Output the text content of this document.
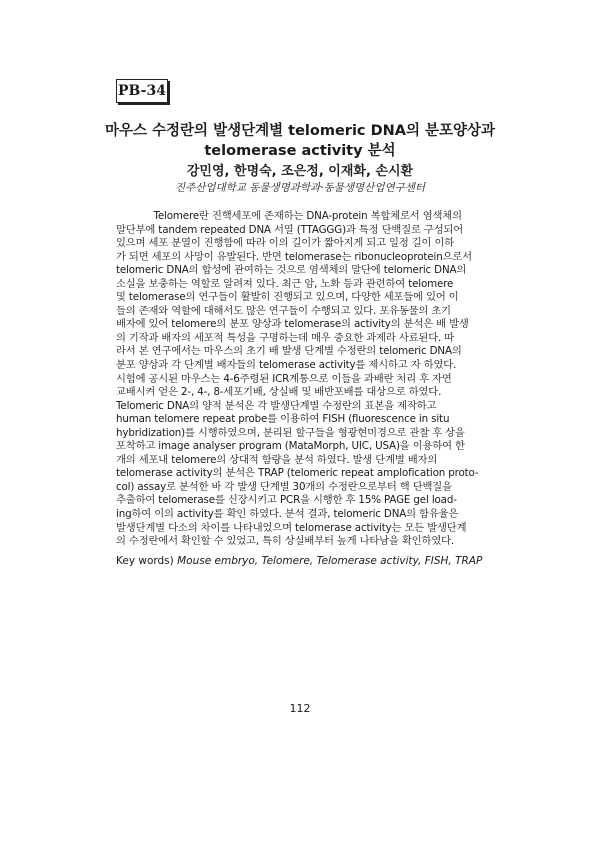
PB-34
마우스 수정란의 발생단계별 telomeric DNA의 분포양상과
telomerase activity 분석
강민영, 한명숙, 조은정, 이재화, 손시환
진주산업대학교 동물생명과학과·동물생명산업연구센터
Telomere란 진핵세포에 존재하는 DNA-protein 복합체로서 염색체의
말단부에 tandem repeated DNA 서열 (TTAGGG)과 특정 단백질로 구성되어
있으며 세포 분열이 진행함에 따라 이의 길이가 짧아지게 되고 일정 길이 이하
가 되면 세포의 사망이 유발된다. 반면 telomerase는 ribonucleoprotein으로서
telomeric DNA의 합성에 관여하는 것으로 염색체의 말단에 telomeric DNA의
소실을 보충하는 역할로 알려져 있다. 최근 암, 노화 등과 관련하여 telomere
및 telomerase의 연구들이 활발히 진행되고 있으며, 다양한 세포들에 있어 이
들의 존재와 역할에 대해서도 많은 연구들이 수행되고 있다. 포유동물의 초기
배자에 있어 telomere의 분포 양상과 telomerase의 activity의 분석은 배 발생
의 기작과 배자의 세포적 특성을 구명하는데 매우 중요한 과제라 사료된다. 따
라서 본 연구에서는 마우스의 초기 배 발생 단계별 수정란의 telomeric DNA의
분포 양상과 각 단계별 배자들의 telomerase activity를 제시하고 자 하였다.
시험에 공시된 마우스는 4-6주령된 ICR계통으로 이들을 과배란 처리 후 자연
교배시켜 얻은 2-, 4-, 8-세포기배, 상실배 및 배반포배를 대상으로 하였다.
Telomeric DNA의 양적 분석은 각 발생단계별 수정란의 표본을 제작하고
human telomere repeat probe를 이용하여 FISH (fluorescence in situ
hybridization)를 시행하였으며, 분리된 할구들을 형광현미경으로 관찰 후 상을
포착하고 image analyser program (MataMorph, UIC, USA)을 이용하여 한
개의 세포내 telomere의 상대적 함량을 분석 하였다. 발생 단계별 배자의
telomerase activity의 분석은 TRAP (telomeric repeat amplofication proto-
col) assay로 분석한 바 각 발생 단계별 30개의 수정란으로부터 핵 단백질을
추출하여 telomerase를 신장시키고 PCR을 시행한 후 15% PAGE gel load-
ing하여 이의 activity를 확인 하였다. 분석 결과, telomeric DNA의 함유율은
발생단계별 다소의 차이를 나타내었으며 telomerase activity는 모든 발생단계
의 수정란에서 확인할 수 있었고, 특히 상실배부터 높게 나타남을 확인하였다.
Key words) Mouse embryo, Telomere, Telomerase activity, FISH, TRAP
112
